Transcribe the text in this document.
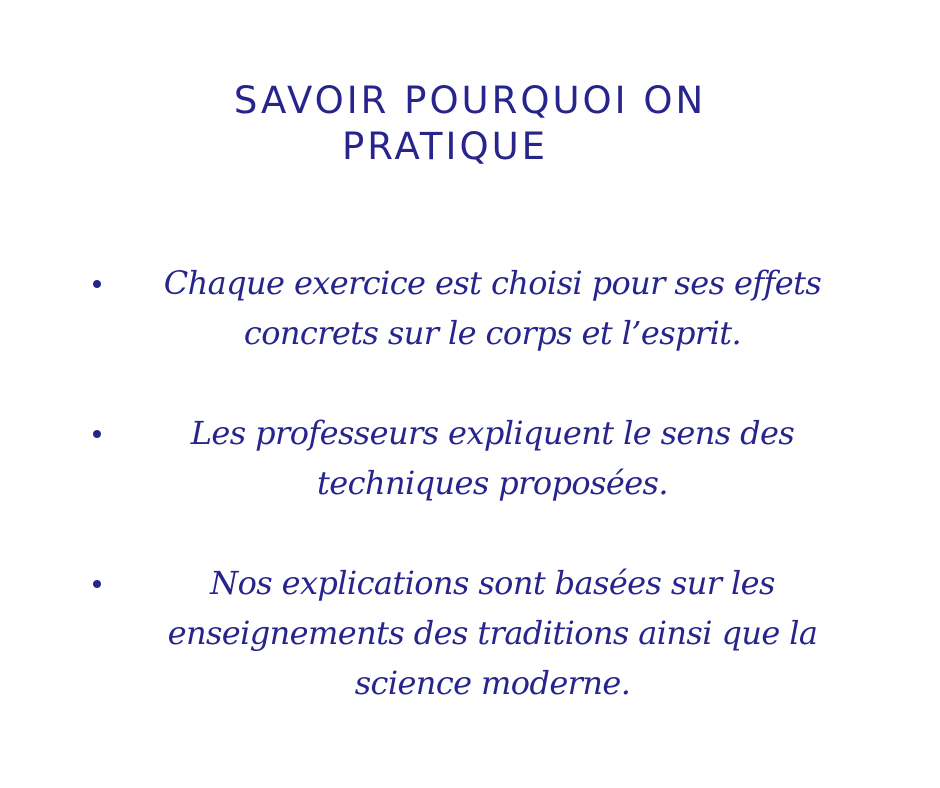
SAVOIR POURQUOI ON
PRATIQUE
Chaque exercice est choisi pour ses effets
concrets sur le corps et l’esprit.
Les professeurs expliquent le sens des
techniques proposées.
Nos explications sont basées sur les
enseignements des traditions ainsi que la
science moderne.
